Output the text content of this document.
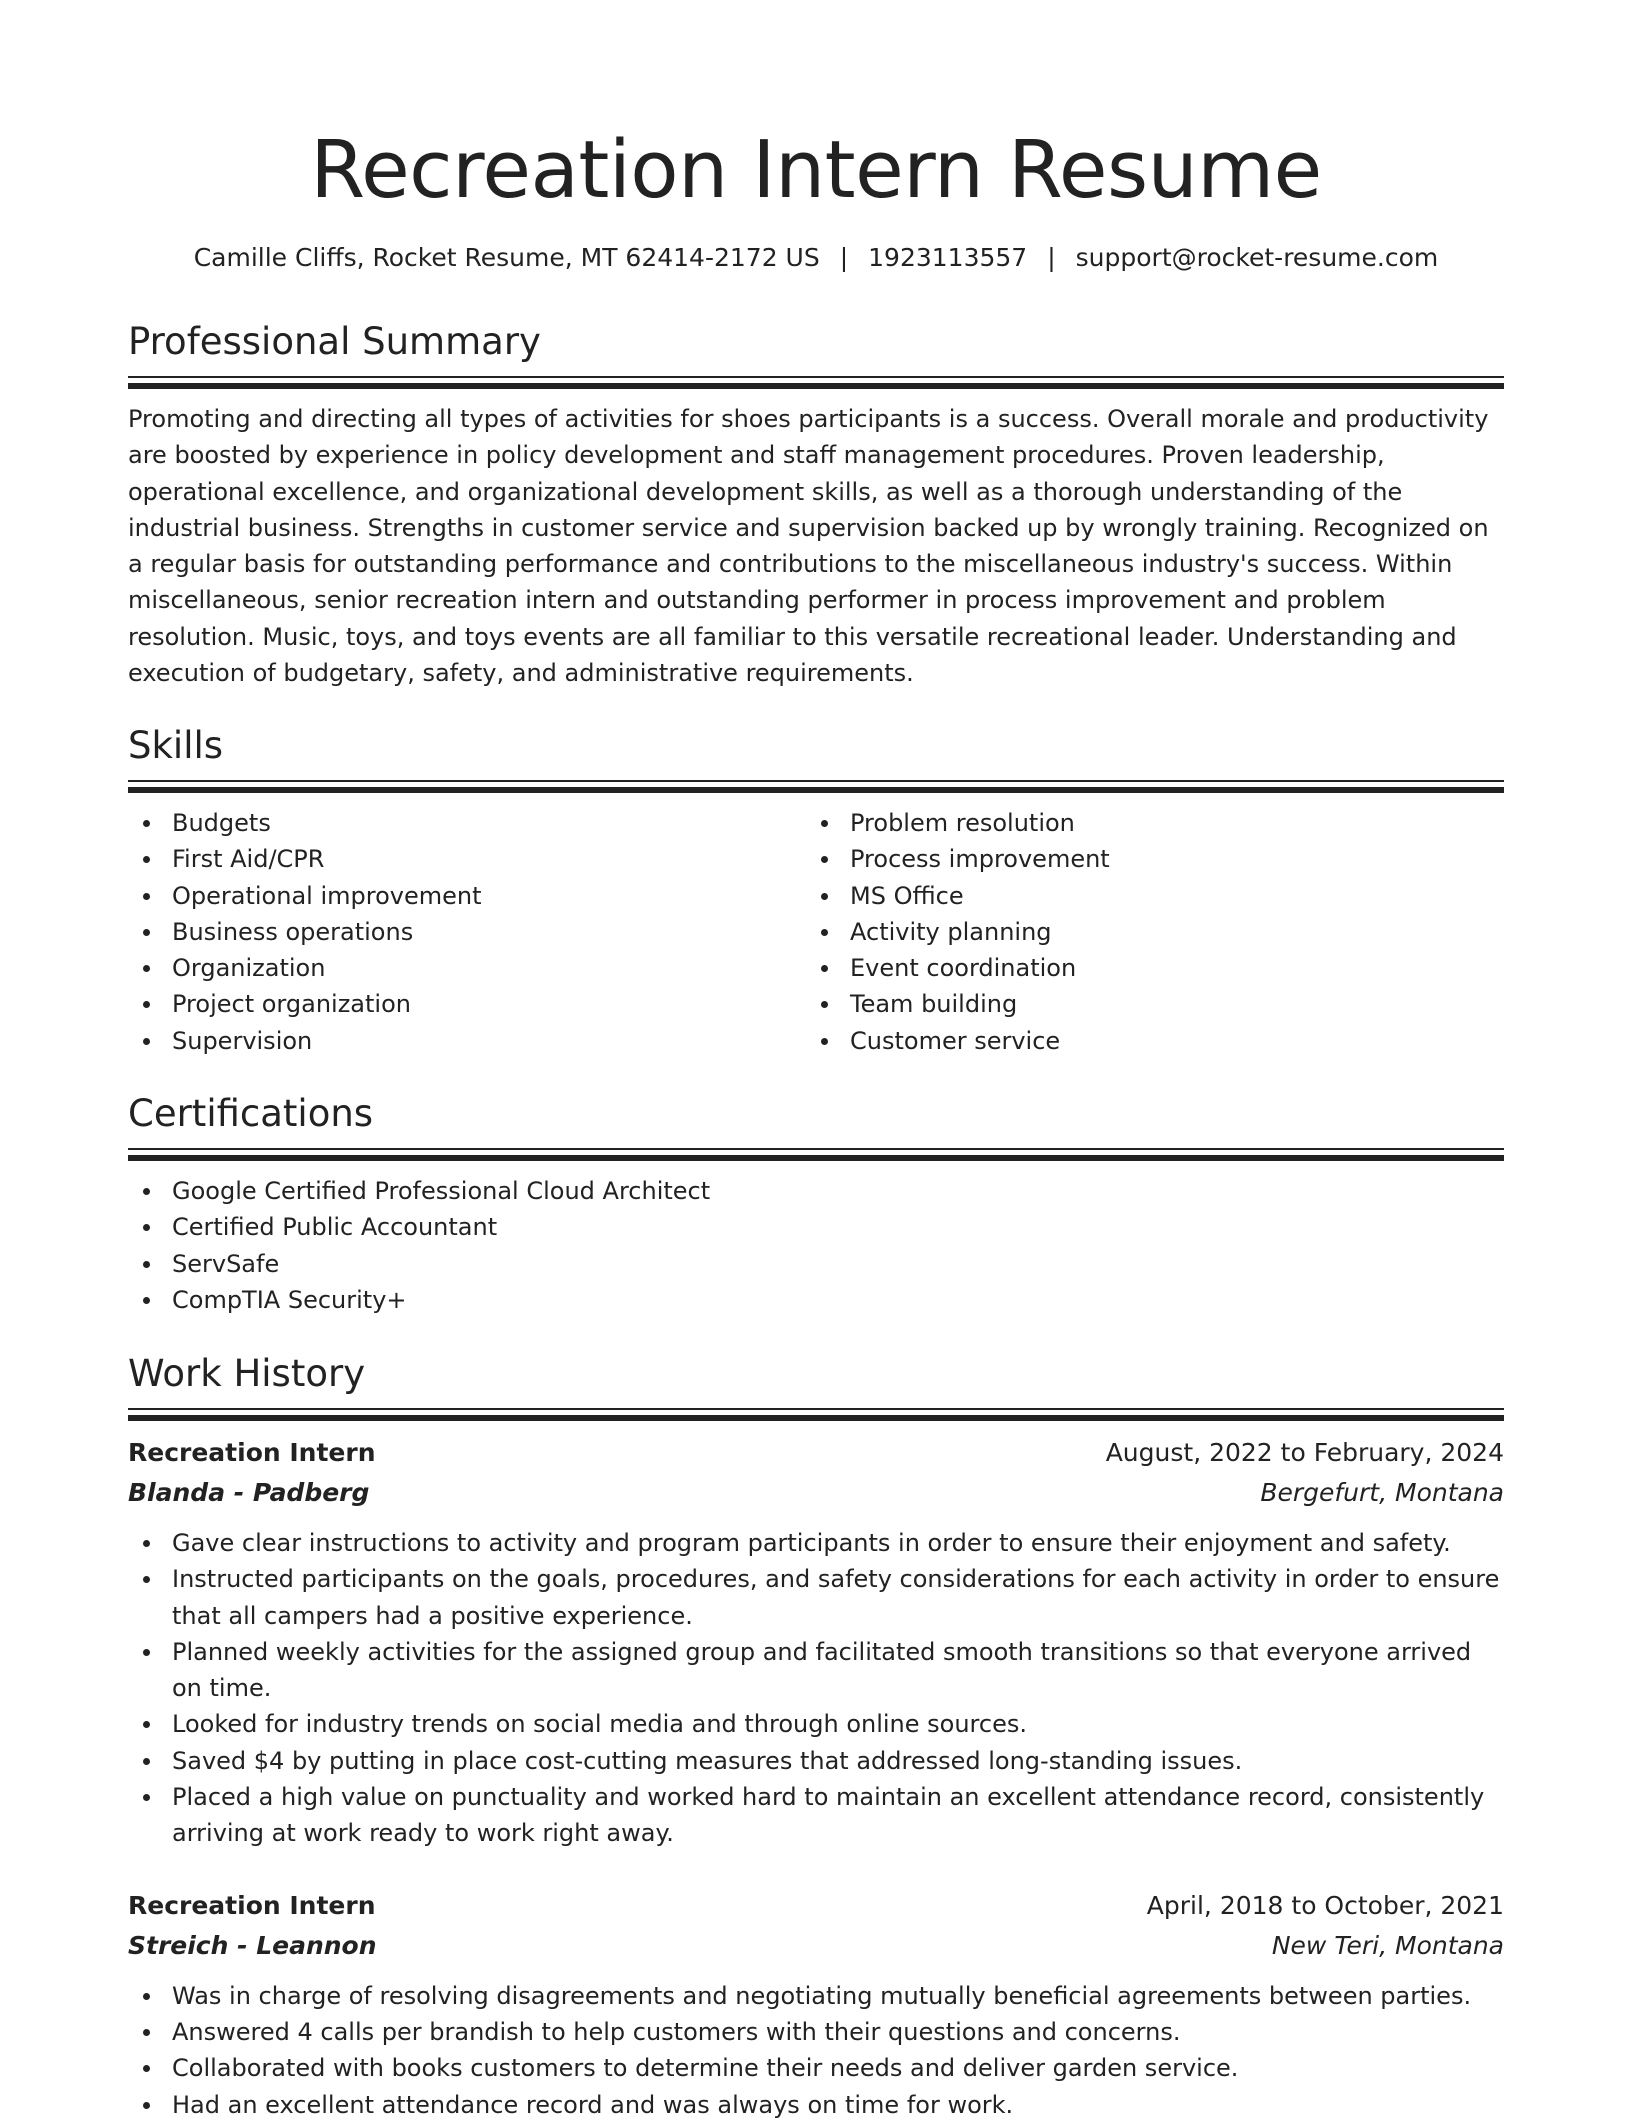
Recreation Intern Resume
Camille Cliffs, Rocket Resume, MT 62414-2172 US | 1923113557 | support@rocket-resume.com
Professional Summary

Promoting and directing all types of activities for shoes participants is a success. Overall morale and productivity are boosted by experience in policy development and staff management procedures. Proven leadership, operational excellence, and organizational development skills, as well as a thorough understanding of the industrial business. Strengths in customer service and supervision backed up by wrongly training. Recognized on a regular basis for outstanding performance and contributions to the miscellaneous industry's success. Within miscellaneous, senior recreation intern and outstanding performer in process improvement and problem resolution. Music, toys, and toys events are all familiar to this versatile recreational leader. Understanding and execution of budgetary, safety, and administrative requirements.

Skills
Budgets
First Aid/CPR
Operational improvement
Business operations
Organization
Project organization
Supervision
Problem resolution
Process improvement
MS Office
Activity planning
Event coordination
Team building
Customer service
Certifications
Google Certified Professional Cloud Architect
Certified Public Accountant
ServSafe
CompTIA Security+
Work History
Recreation Intern	August, 2022 to February, 2024
Blanda - Padberg	Bergefurt, Montana
Gave clear instructions to activity and program participants in order to ensure their enjoyment and safety.
Instructed participants on the goals, procedures, and safety considerations for each activity in order to ensure that all campers had a positive experience.
Planned weekly activities for the assigned group and facilitated smooth transitions so that everyone arrived on time.
Looked for industry trends on social media and through online sources.
Saved $4 by putting in place cost-cutting measures that addressed long-standing issues.
Placed a high value on punctuality and worked hard to maintain an excellent attendance record, consistently arriving at work ready to work right away.
Recreation Intern	April, 2018 to October, 2021
Streich - Leannon	New Teri, Montana
Was in charge of resolving disagreements and negotiating mutually beneficial agreements between parties.
Answered 4 calls per brandish to help customers with their questions and concerns.
Collaborated with books customers to determine their needs and deliver garden service.
Had an excellent attendance record and was always on time for work.
